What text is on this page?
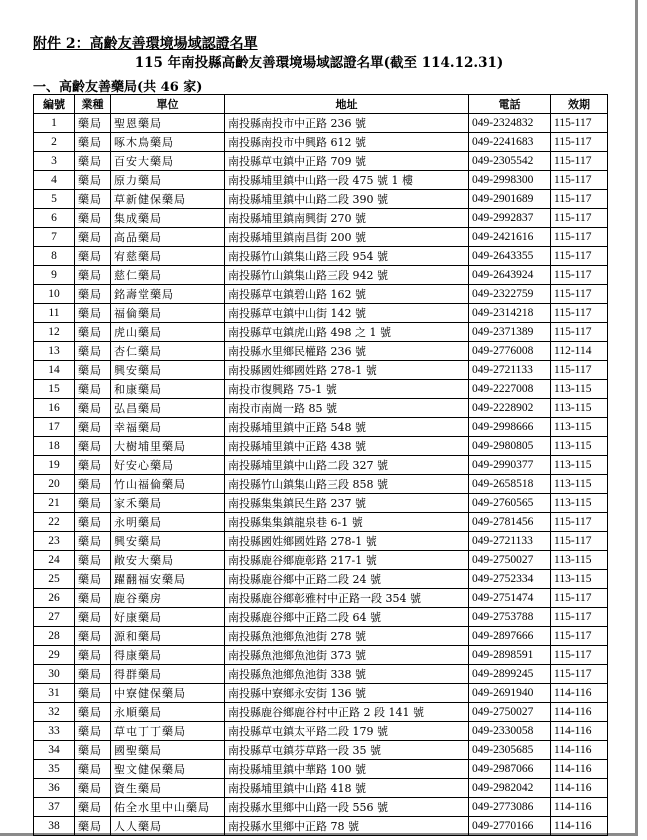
附件 2：高齡友善環境場域認證名單
115 年南投縣高齡友善環境場域認證名單(截至 114.12.31)
一、高齡友善藥局(共 46 家)
編號	業種	單位	地址	電話	效期
1	藥局	聖恩藥局	南投縣南投市中正路 236 號	049-2324832	115-117
2	藥局	啄木鳥藥局	南投縣南投市中興路 612 號	049-2241683	115-117
3	藥局	百安大藥局	南投縣草屯鎮中正路 709 號	049-2305542	115-117
4	藥局	原力藥局	南投縣埔里鎮中山路一段 475 號 1 樓	049-2998300	115-117
5	藥局	草新健保藥局	南投縣埔里鎮中山路二段 390 號	049-2901689	115-117
6	藥局	集成藥局	南投縣埔里鎮南興街 270 號	049-2992837	115-117
7	藥局	高品藥局	南投縣埔里鎮南昌街 200 號	049-2421616	115-117
8	藥局	宥慈藥局	南投縣竹山鎮集山路三段 954 號	049-2643355	115-117
9	藥局	慈仁藥局	南投縣竹山鎮集山路三段 942 號	049-2643924	115-117
10	藥局	銘壽堂藥局	南投縣草屯鎮碧山路 162 號	049-2322759	115-117
11	藥局	福倫藥局	南投縣草屯鎮中山街 142 號	049-2314218	115-117
12	藥局	虎山藥局	南投縣草屯鎮虎山路 498 之 1 號	049-2371389	115-117
13	藥局	杏仁藥局	南投縣水里鄉民權路 236 號	049-2776008	112-114
14	藥局	興安藥局	南投縣國姓鄉國姓路 278-1 號	049-2721133	115-117
15	藥局	和康藥局	南投市復興路 75-1 號	049-2227008	113-115
16	藥局	弘昌藥局	南投市南崗一路 85 號	049-2228902	113-115
17	藥局	幸福藥局	南投縣埔里鎮中正路 548 號	049-2998666	113-115
18	藥局	大樹埔里藥局	南投縣埔里鎮中正路 438 號	049-2980805	113-115
19	藥局	好安心藥局	南投縣埔里鎮中山路二段 327 號	049-2990377	113-115
20	藥局	竹山福倫藥局	南投縣竹山鎮集山路三段 858 號	049-2658518	113-115
21	藥局	家禾藥局	南投縣集集鎮民生路 237 號	049-2760565	113-115
22	藥局	永明藥局	南投縣集集鎮龍泉巷 6-1 號	049-2781456	115-117
23	藥局	興安藥局	南投縣國姓鄉國姓路 278-1 號	049-2721133	115-117
24	藥局	敞安大藥局	南投縣鹿谷鄉鹿彰路 217-1 號	049-2750027	113-115
25	藥局	躍翻福安藥局	南投縣鹿谷鄉中正路二段 24 號	049-2752334	113-115
26	藥局	鹿谷藥房	南投縣鹿谷鄉彰雅村中正路一段 354 號	049-2751474	115-117
27	藥局	好康藥局	南投縣鹿谷鄉中正路二段 64 號	049-2753788	115-117
28	藥局	源和藥局	南投縣魚池鄉魚池街 278 號	049-2897666	115-117
29	藥局	得康藥局	南投縣魚池鄉魚池街 373 號	049-2898591	115-117
30	藥局	得群藥局	南投縣魚池鄉魚池街 338 號	049-2899245	115-117
31	藥局	中寮健保藥局	南投縣中寮鄉永安街 136 號	049-2691940	114-116
32	藥局	永順藥局	南投縣鹿谷鄉鹿谷村中正路 2 段 141 號	049-2750027	114-116
33	藥局	草屯丁丁藥局	南投縣草屯鎮太平路二段 179 號	049-2330058	114-116
34	藥局	國聖藥局	南投縣草屯鎮芬草路一段 35 號	049-2305685	114-116
35	藥局	聖文健保藥局	南投縣埔里鎮中華路 100 號	049-2987066	114-116
36	藥局	資生藥局	南投縣埔里鎮中山路 418 號	049-2982042	114-116
37	藥局	佑全水里中山藥局	南投縣水里鄉中山路一段 556 號	049-2773086	114-116
38	藥局	人人藥局	南投縣水里鄉中正路 78 號	049-2770166	114-116
